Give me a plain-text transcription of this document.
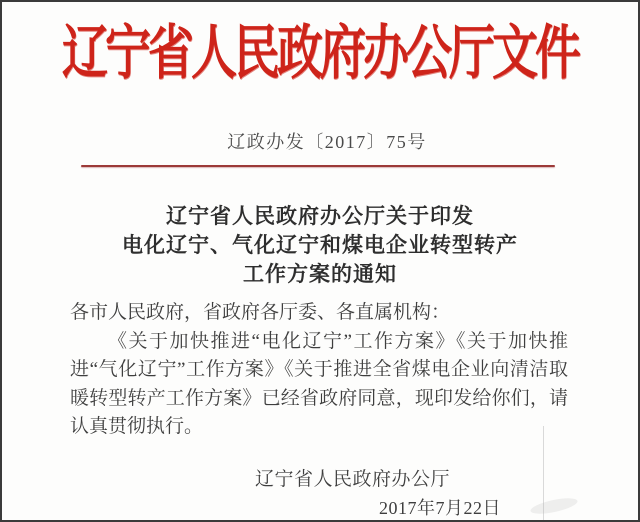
辽宁省人民政府办公厅文件
辽政办发〔2017〕75号
辽宁省人民政府办公厅关于印发
电化辽宁、气化辽宁和煤电企业转型转产
工作方案的通知
各市人民政府，省政府各厅委、各直属机构：
《关于加快推进“电化辽宁”工作方案》《关于加快推进“气化辽宁”工作方案》《关于推进全省煤电企业向清洁取暖转型转产工作方案》已经省政府同意，现印发给你们，请认真贯彻执行。
辽宁省人民政府办公厅
2017年7月22日
